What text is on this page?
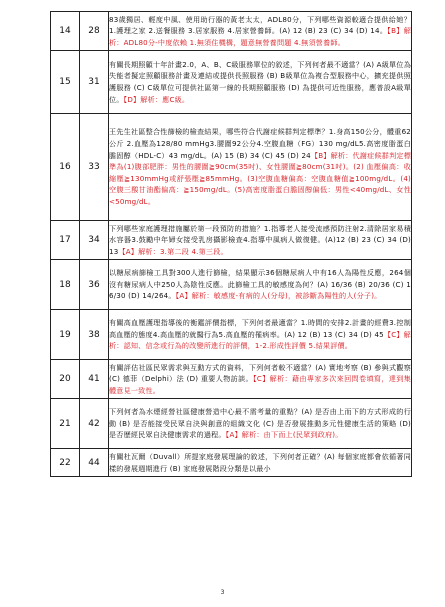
14	28	83歲獨居、輕度中風、使用助行器的黃老太太，ADL80分，下列哪些資源較適合提供給她？1.護理之家 2.送餐服務 3.居家服務 4.居家營養師。(A) 12 (B) 23 (C) 34 (D) 14。【B】解析：ADL80分-中度依賴 1.無須住機構，題意無營養問題 4.無須營養師。
15	31	有關長期照顧十年計畫2.0，A、B、C級服務單位的敘述，下列何者最不適當？(A) A級單位為失能者擬定照顧服務計畫及連結或提供長照服務 (B) B級單位為複合型服務中心，擴充提供照護服務 (C) C級單位可提供社區第一線的長期照顧服務 (D) 為提供可近性服務，應普設A級單位。【D】解析：應C級。
16	33	王先生社區整合性篩檢的檢查結果，哪些符合代謝症候群判定標準？1.身高150公分，體重62公斤 2.血壓為128/80 mmHg3.腰圍92公分4.空腹血糖（FG）130 mg/dL5.高密度脂蛋白膽固醇（HDL-C）43 mg/dL。(A) 15 (B) 34 (C) 45 (D) 24【B】解析：代謝症候群判定標準為(1)腹部肥胖：男性的腰圍≧90cm(35吋)、女性腰圍≧80cm(31吋)。(2) 血壓偏高：收縮壓≧130mmHg或舒張壓≧85mmHg。(3)空腹血糖偏高：空腹血糖值≧100mg/dL。(4)空腹三酸甘油酯偏高：≧150mg/dL。(5)高密度脂蛋白膽固醇偏低：男性<40mg/dL、女性<50mg/dL。
17	34	下列哪些家庭護理措施屬於第一段預防的措施？1.指導老人接受流感預防注射2.清除居家易積水容器3.鼓勵中年婦女接受乳房攝影檢查4.指導中風病人做復健。(A)12 (B) 23 (C) 34 (D) 13【A】解析：3.第二段 4.第三段。
18	36	以糖尿病篩檢工具對300人進行篩檢，結果顯示36個糖尿病人中有16人為陽性反應，264個沒有糖尿病人中250人為陰性反應。此篩檢工具的敏感度為何？(A) 16/36 (B) 20/36 (C) 16/30 (D) 14/264。【A】解析：敏感度-有病的人(分母)，被診斷為陽性的人(分子)。
19	38	有關高血壓護理指導後的衡鑑評價指標，下列何者最適當？1.時間的安排2.計畫的經費3.控制高血壓的態度4.高血壓的就醫行為5.高血壓的罹病率。(A) 12 (B) 13 (C) 34 (D) 45【C】解析：認知、信念或行為的改變所進行的評價，1-2.形成性評價 5.結果評價。
20	41	有關評估社區民眾需求與互動方式的資料，下列何者較不適當？(A) 實地考察 (B) 參與式觀察 (C) 德菲（Delphi）法 (D) 重要人物訪談。【C】解析：藉由專家多次來回問卷填寫，達到集體意見一致性。
21	42	下列何者為水煙經營社區健康營造中心最不需考量的重點？(A) 是否由上而下的方式形成的行動 (B) 是否能接受民眾自決與創意的組織文化 (C) 是否發展推動多元性健康生活的策略 (D) 是否歷經民眾自決健康需求的過程。【A】解析：由下而上(民眾到政府)。
22	44	有關杜瓦爾（Duvall）所提家庭發展理論的敘述，下列何者正確？(A) 每個家庭都會依循著同樣的發展週期進行 (B) 家庭發展階段分類是以最小
3
